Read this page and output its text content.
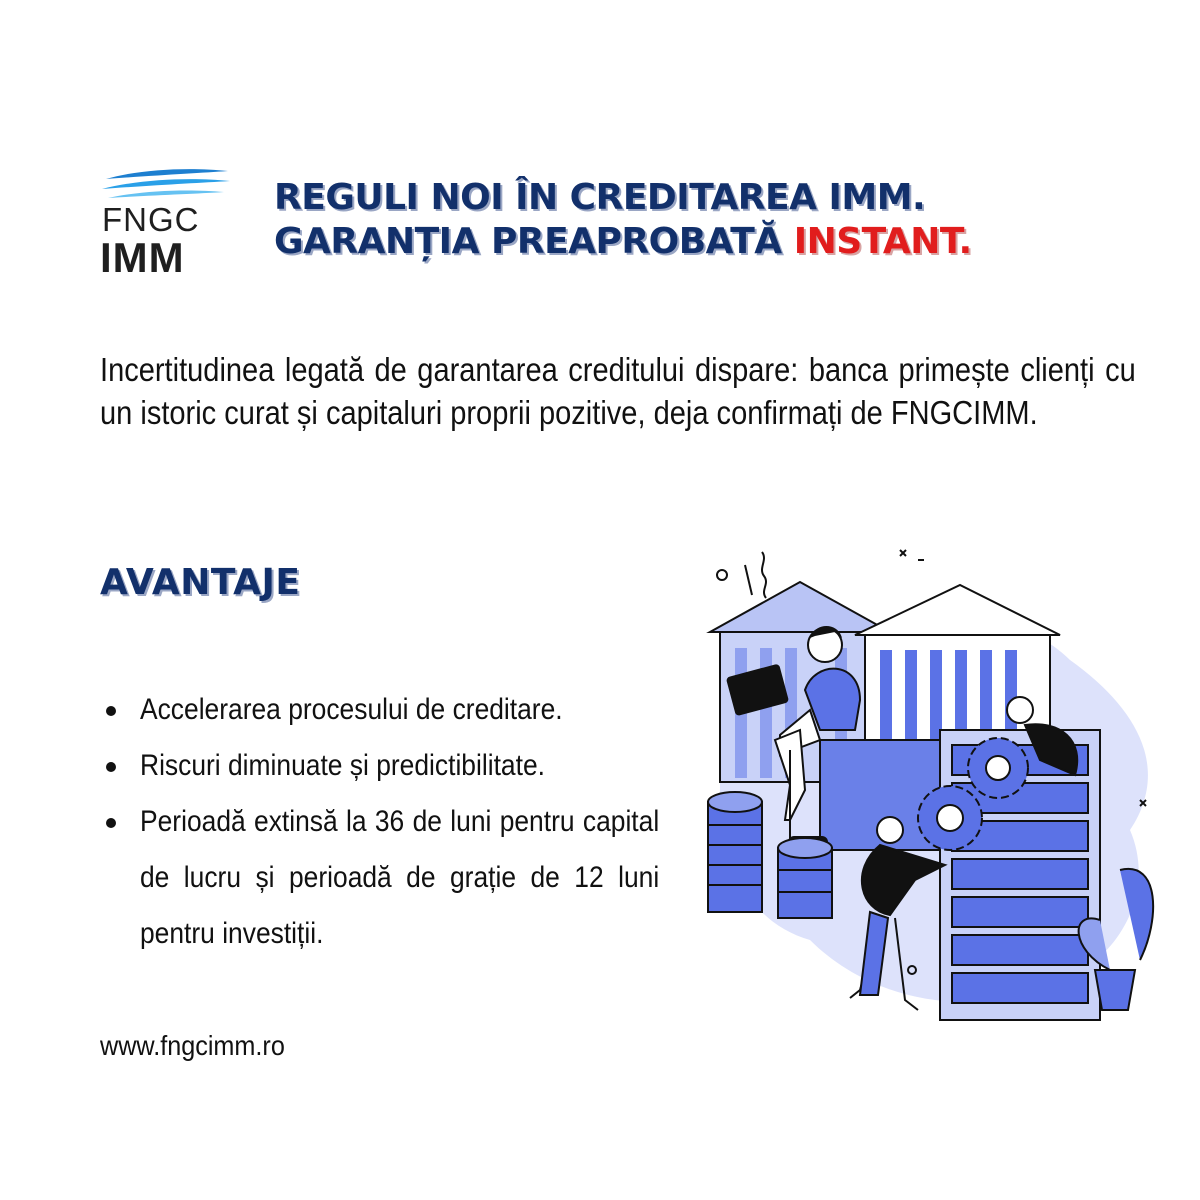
FNGC
IMM
REGULI NOI ÎN CREDITAREA IMM.
GARANȚIA PREAPROBATĂ INSTANT.
Incertitudinea legată de garantarea creditului dispare: banca primește clienți cu un istoric curat și capitaluri proprii pozitive, deja confirmați de FNGCIMM.
AVANTAJE
Accelerarea procesului de creditare.
Riscuri diminuate și predictibilitate.
Perioadă extinsă la 36 de luni pentru capital de lucru și perioadă de grație de 12 luni pentru investiții.
www.fngcimm.ro
